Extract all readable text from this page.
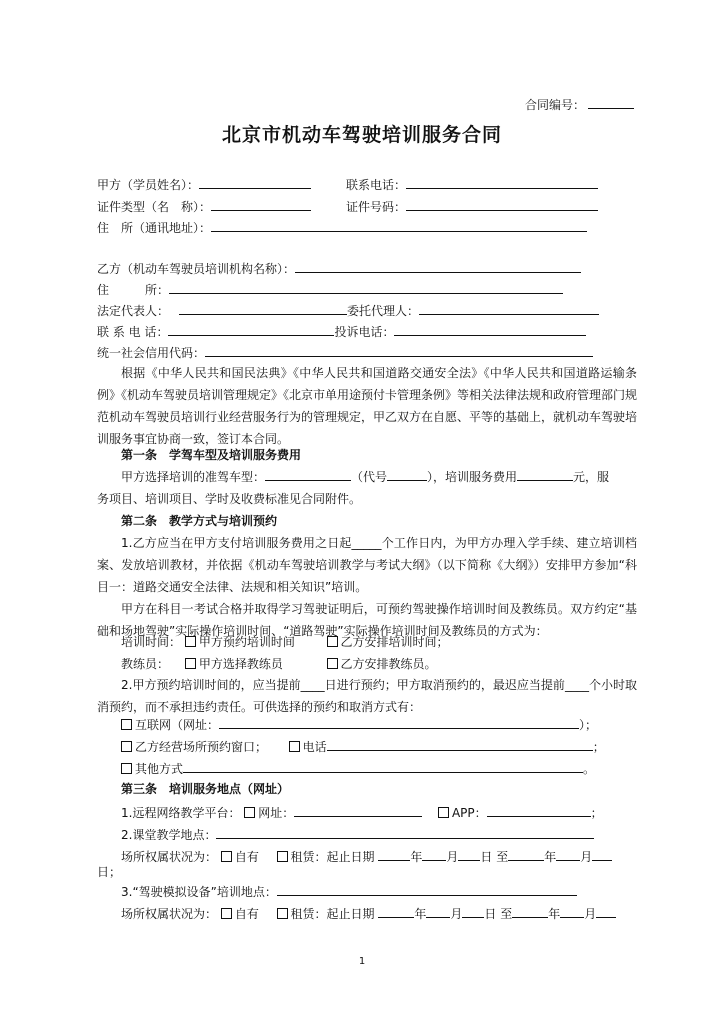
合同编号：
北京市机动车驾驶培训服务合同
甲方（学员姓名）：	联系电话：
证件类型（名　称）：	证件号码：
住　所（通讯地址）：
乙方（机动车驾驶员培训机构名称）：
住　　　所：
法定代表人：	委托代理人：
联 系 电 话：	投诉电话：
统一社会信用代码：
根据《中华人民共和国民法典》《中华人民共和国道路交通安全法》《中华人民共和国道路运输条例》《机动车驾驶员培训管理规定》《北京市单用途预付卡管理条例》等相关法律法规和政府管理部门规范机动车驾驶员培训行业经营服务行为的管理规定，甲乙双方在自愿、平等的基础上，就机动车驾驶培训服务事宜协商一致，签订本合同。
第一条　学驾车型及培训服务费用
甲方选择培训的准驾车型：	（代号	），培训服务费用	元，服
务项目、培训项目、学时及收费标准见合同附件。
第二条　教学方式与培训预约
1.乙方应当在甲方支付培训服务费用之日起_____个工作日内，为甲方办理入学手续、建立培训档案、发放培训教材，并依据《机动车驾驶培训教学与考试大纲》（以下简称《大纲》）安排甲方参加“科目一：道路交通安全法律、法规和相关知识”培训。
甲方在科目一考试合格并取得学习驾驶证明后，可预约驾驶操作培训时间及教练员。双方约定“基础和场地驾驶”实际操作培训时间、“道路驾驶”实际操作培训时间及教练员的方式为：
培训时间： 甲方预约培训时间	乙方安排培训时间；
教练员： 甲方选择教练员	乙方安排教练员。
2.甲方预约培训时间的，应当提前____日进行预约；甲方取消预约的，最迟应当提前____个小时取消预约，而不承担违约责任。可供选择的预约和取消方式有：
互联网（网址：	）；
乙方经营场所预约窗口；	电话	；
其他方式	。
第三条　培训服务地点（网址）
1.远程网络教学平台： 网址：	APP：	；
2.课堂教学地点：
场所权属状况为： 自有	租赁：起止日期	年 月 日 至	年 月
日；
3.“驾驶模拟设备”培训地点：
场所权属状况为： 自有	租赁：起止日期	年 月 日 至	年 月
1
